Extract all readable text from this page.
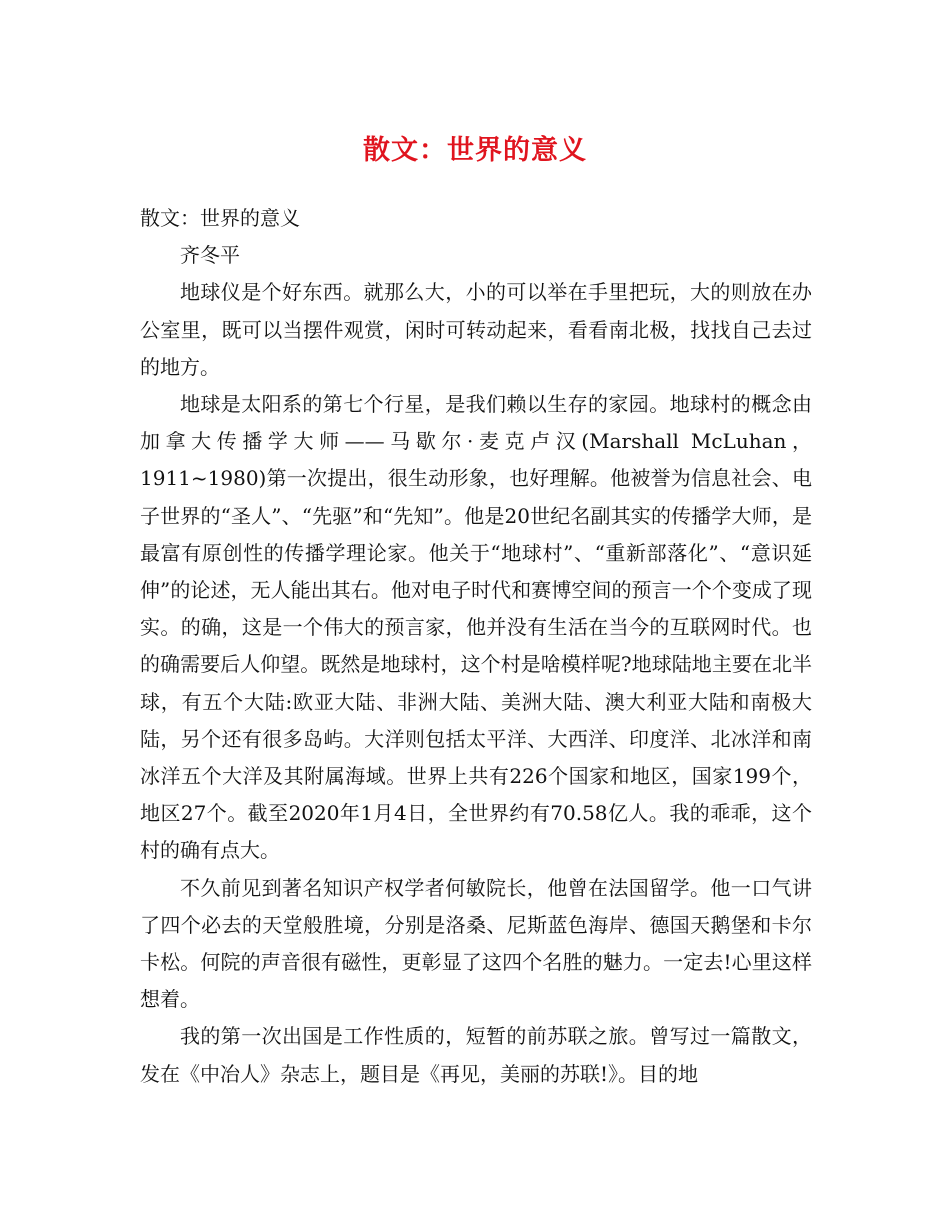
散文：世界的意义

散文：世界的意义

齐冬平

地球仪是个好东西。就那么大，小的可以举在手里把玩，大的则放在办公室里，既可以当摆件观赏，闲时可转动起来，看看南北极，找找自己去过的地方。

地球是太阳系的第七个行星，是我们赖以生存的家园。地球村的概念由加拿大传播学大师——马歇尔·麦克卢汉(Marshall McLuhan，1911~1980)第一次提出，很生动形象，也好理解。他被誉为信息社会、电子世界的“圣人”、“先驱”和“先知”。他是20世纪名副其实的传播学大师，是最富有原创性的传播学理论家。他关于“地球村”、“重新部落化”、“意识延伸”的论述，无人能出其右。他对电子时代和赛博空间的预言一个个变成了现实。的确，这是一个伟大的预言家，他并没有生活在当今的互联网时代。也的确需要后人仰望。既然是地球村，这个村是啥模样呢?地球陆地主要在北半球，有五个大陆:欧亚大陆、非洲大陆、美洲大陆、澳大利亚大陆和南极大陆，另个还有很多岛屿。大洋则包括太平洋、大西洋、印度洋、北冰洋和南冰洋五个大洋及其附属海域。世界上共有226个国家和地区，国家199个，地区27个。截至2020年1月4日，全世界约有70.58亿人。我的乖乖，这个村的确有点大。

不久前见到著名知识产权学者何敏院长，他曾在法国留学。他一口气讲了四个必去的天堂般胜境，分别是洛桑、尼斯蓝色海岸、德国天鹅堡和卡尔卡松。何院的声音很有磁性，更彰显了这四个名胜的魅力。一定去!心里这样想着。

我的第一次出国是工作性质的，短暂的前苏联之旅。曾写过一篇散文，发在《中冶人》杂志上，题目是《再见，美丽的苏联!》。目的地
